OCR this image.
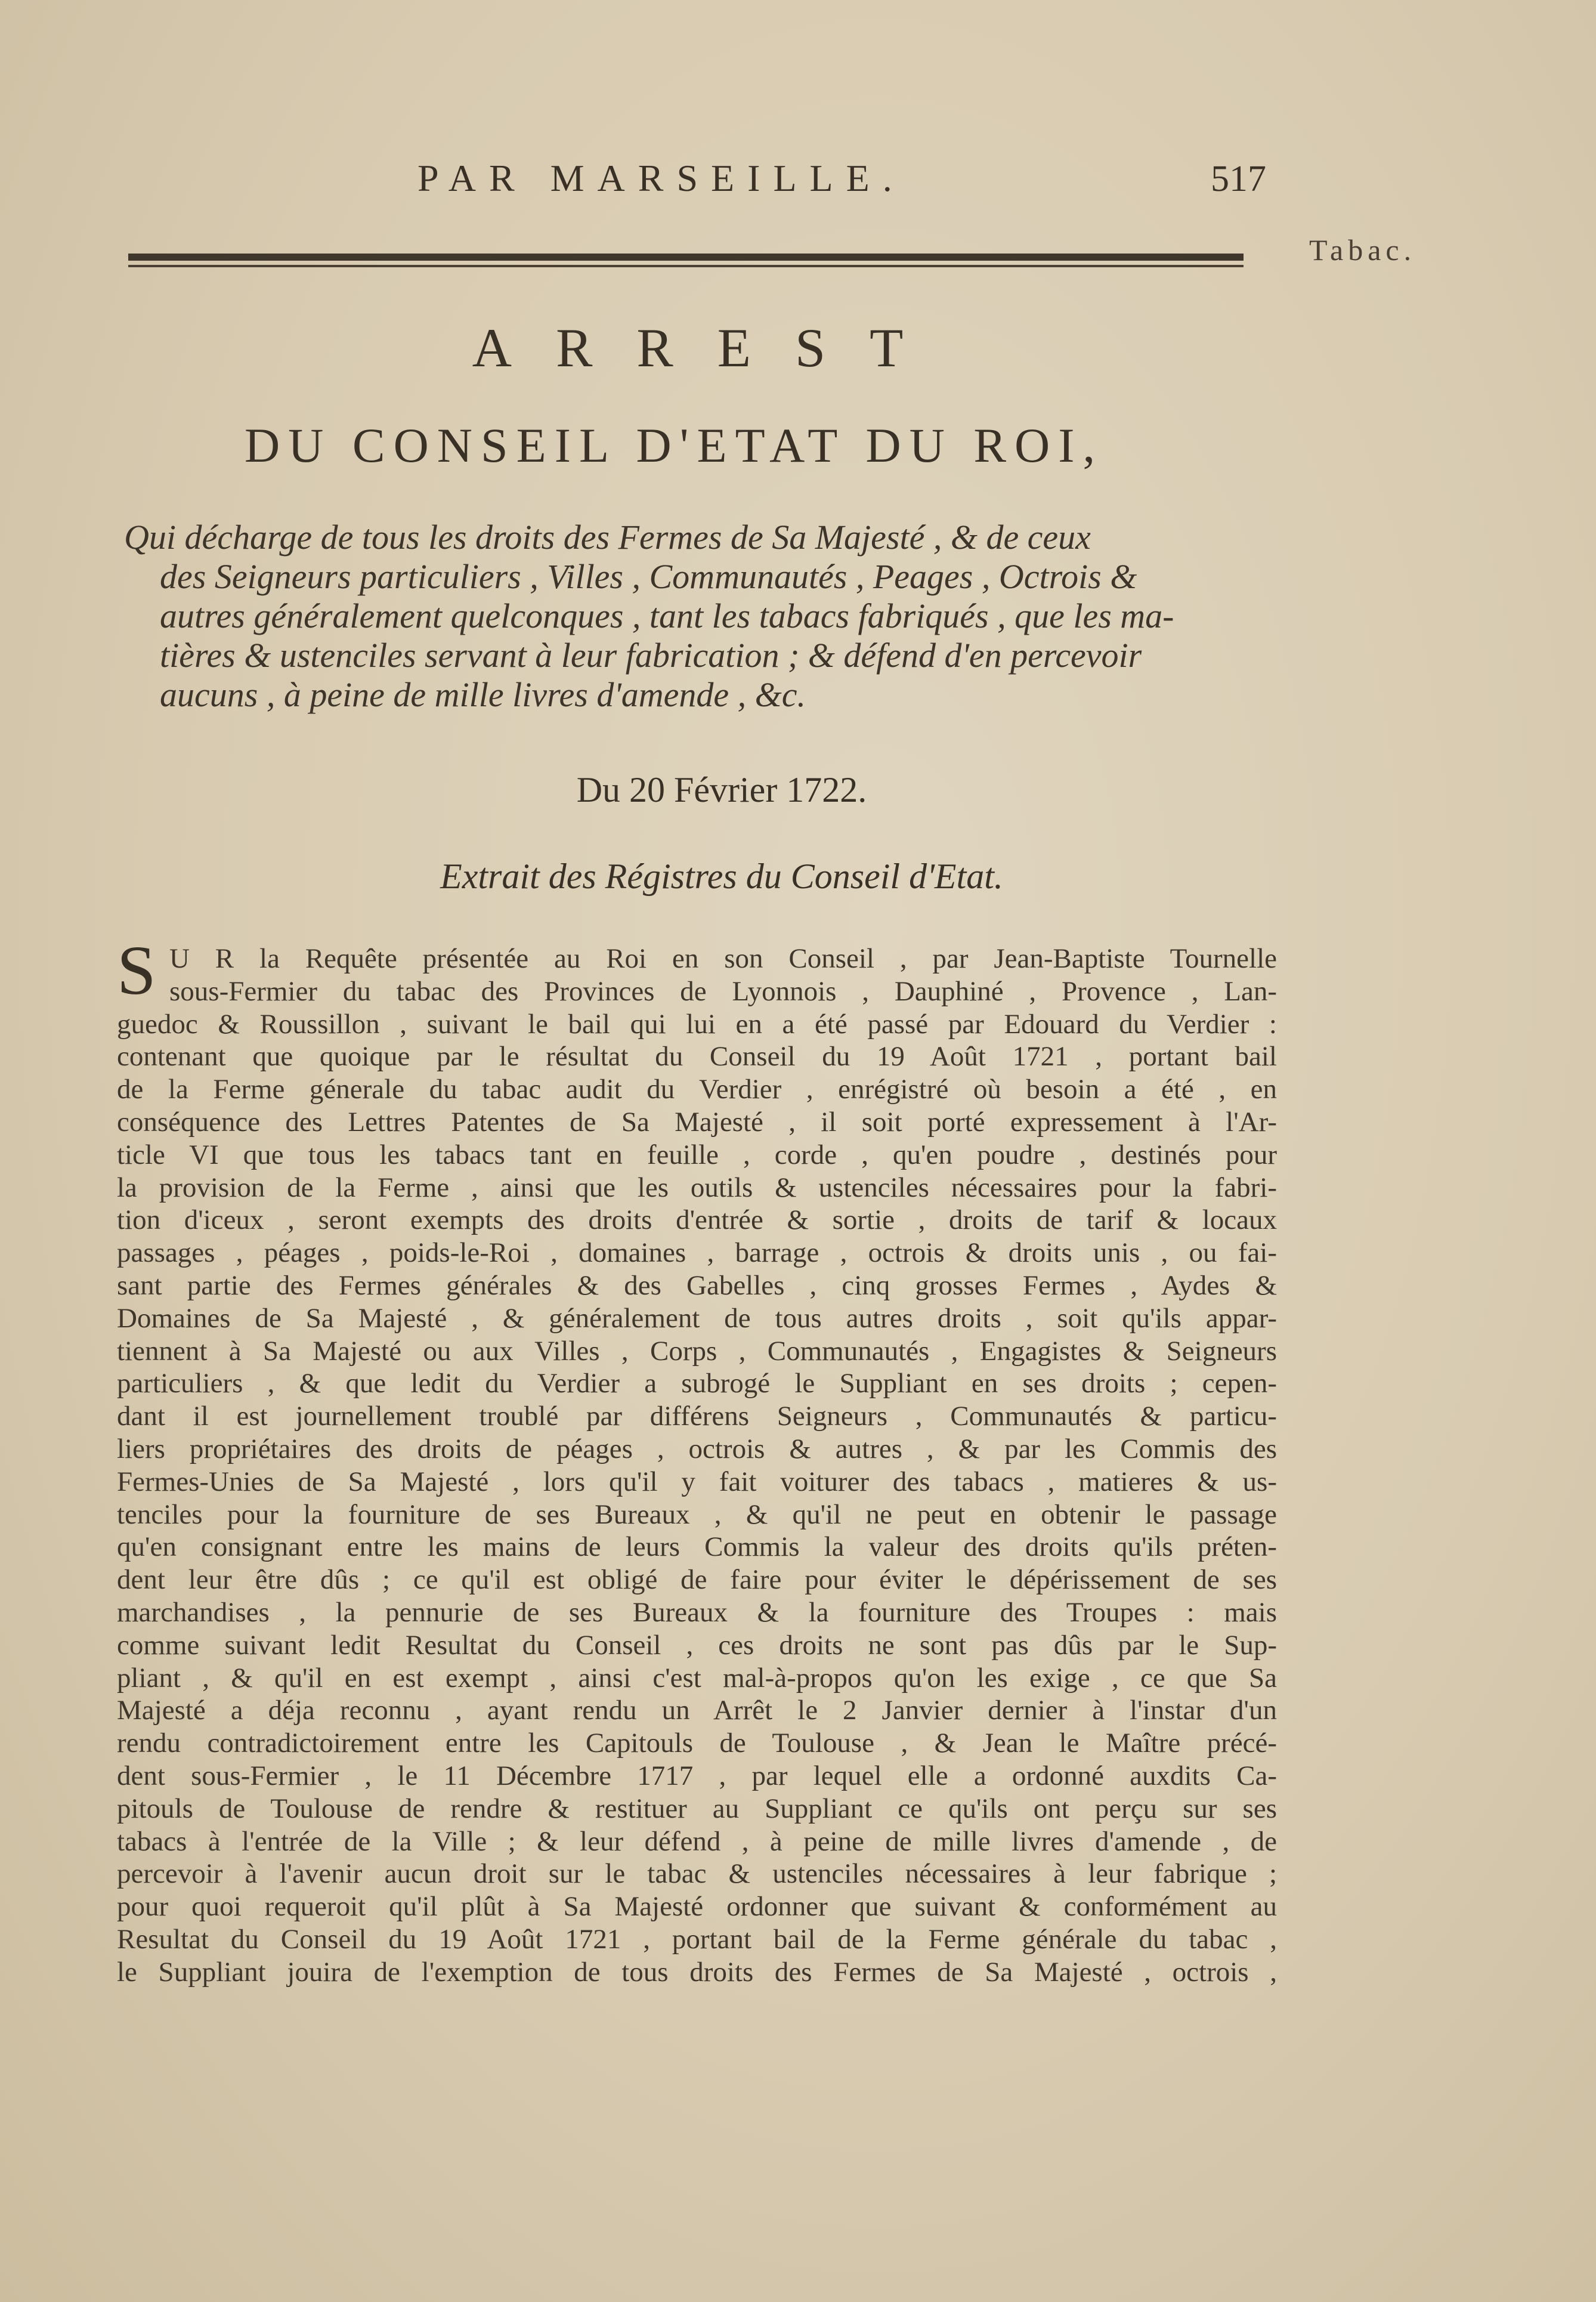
PAR MARSEILLE.	517
Tabac.
ARREST
DU CONSEIL D'ETAT DU ROI,
Qui décharge de tous les droits des Fermes de Sa Majesté , & de ceux
des Seigneurs particuliers , Villes , Communautés , Peages , Octrois &
autres généralement quelconques , tant les tabacs fabriqués , que les ma-
tières & ustenciles servant à leur fabrication ; & défend d'en percevoir
aucuns , à peine de mille livres d'amende , &c.
Du 20 Février 1722.
Extrait des Régistres du Conseil d'Etat.
S U R la Requête présentée au Roi en son Conseil , par Jean-Baptiste Tournelle
sous-Fermier du tabac des Provinces de Lyonnois , Dauphiné , Provence , Lan-
guedoc & Roussillon , suivant le bail qui lui en a été passé par Edouard du Verdier :
contenant que quoique par le résultat du Conseil du 19 Août 1721 , portant bail
de la Ferme génerale du tabac audit du Verdier , enrégistré où besoin a été , en
conséquence des Lettres Patentes de Sa Majesté , il soit porté expressement à l'Ar-
ticle VI que tous les tabacs tant en feuille , corde , qu'en poudre , destinés pour
la provision de la Ferme , ainsi que les outils & ustenciles nécessaires pour la fabri-
tion d'iceux , seront exempts des droits d'entrée & sortie , droits de tarif & locaux
passages , péages , poids-le-Roi , domaines , barrage , octrois & droits unis , ou fai-
sant partie des Fermes générales & des Gabelles , cinq grosses Fermes , Aydes &
Domaines de Sa Majesté , & généralement de tous autres droits , soit qu'ils appar-
tiennent à Sa Majesté ou aux Villes , Corps , Communautés , Engagistes & Seigneurs
particuliers , & que ledit du Verdier a subrogé le Suppliant en ses droits ; cepen-
dant il est journellement troublé par différens Seigneurs , Communautés & particu-
liers propriétaires des droits de péages , octrois & autres , & par les Commis des
Fermes-Unies de Sa Majesté , lors qu'il y fait voiturer des tabacs , matieres & us-
tenciles pour la fourniture de ses Bureaux , & qu'il ne peut en obtenir le passage
qu'en consignant entre les mains de leurs Commis la valeur des droits qu'ils préten-
dent leur être dûs ; ce qu'il est obligé de faire pour éviter le dépérissement de ses
marchandises , la pennurie de ses Bureaux & la fourniture des Troupes : mais
comme suivant ledit Resultat du Conseil , ces droits ne sont pas dûs par le Sup-
pliant , & qu'il en est exempt , ainsi c'est mal-à-propos qu'on les exige , ce que Sa
Majesté a déja reconnu , ayant rendu un Arrêt le 2 Janvier dernier à l'instar d'un
rendu contradictoirement entre les Capitouls de Toulouse , & Jean le Maître précé-
dent sous-Fermier , le 11 Décembre 1717 , par lequel elle a ordonné auxdits Ca-
pitouls de Toulouse de rendre & restituer au Suppliant ce qu'ils ont perçu sur ses
tabacs à l'entrée de la Ville ; & leur défend , à peine de mille livres d'amende , de
percevoir à l'avenir aucun droit sur le tabac & ustenciles nécessaires à leur fabrique ;
pour quoi requeroit qu'il plût à Sa Majesté ordonner que suivant & conformément au
Resultat du Conseil du 19 Août 1721 , portant bail de la Ferme générale du tabac ,
le Suppliant jouira de l'exemption de tous droits des Fermes de Sa Majesté , octrois ,
